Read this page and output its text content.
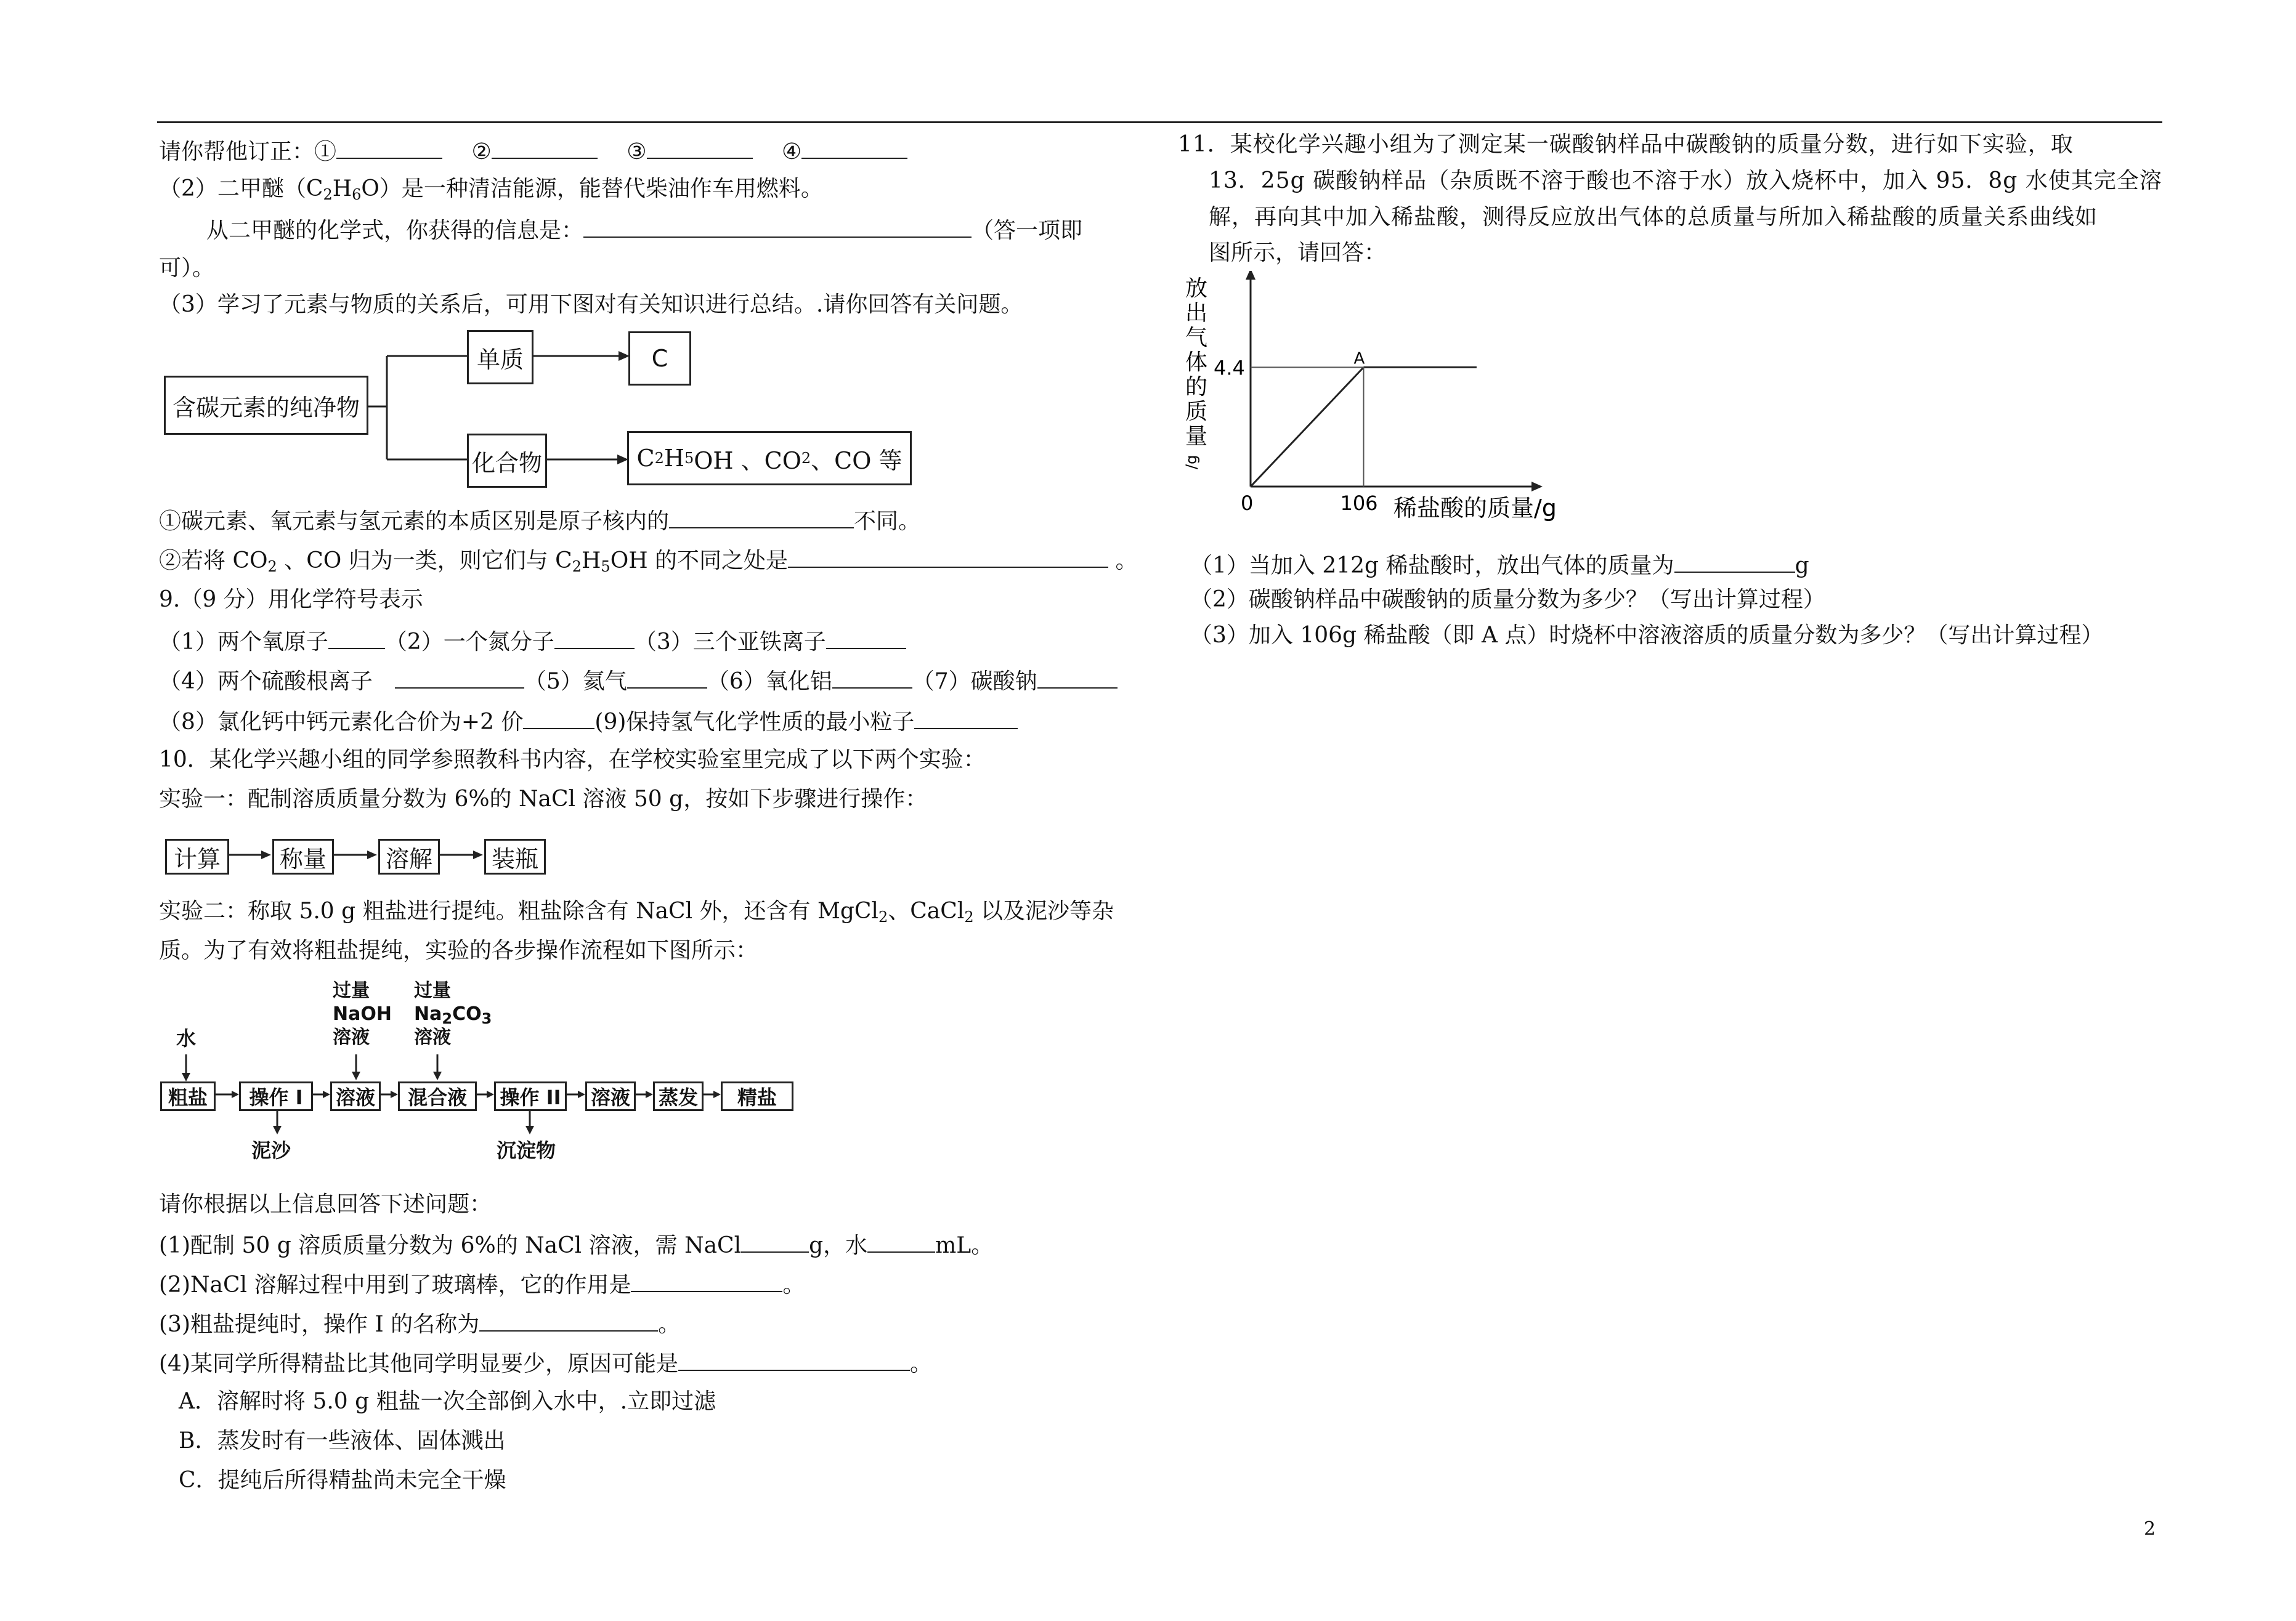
请你帮他订正：①	②	③	④
（2）二甲醚$(C_2H_6O)$是一种清洁能源，能替代柴油作车用燃料。
从二甲醚的化学式，你获得的信息是：	（答一项即
可）。
（3）学习了元素与物质的关系后，可用下图对有关知识进行总结。.请你回答有关问题。
含碳元素的纯净物
单质	C
化合物	C 2 H 5 OH 、CO 2 、CO 等
①碳元素、氧元素与氢元素的本质区别是原子核内的	不同。
②若将 $CO_2$ 、CO 归为一类，则它们与 $C_2H_5OH$ 的不同之处是	。
9.（9 分）用化学符号表示
（1）两个氧原子	（2）一个氮分子	（3）三个亚铁离子
（4）两个硫酸根离子	（5）氦气	（6）氧化铝	（7）碳酸钠
（8）氯化钙中钙元素化合价为+2 价	(9)保持氢气化学性质的最小粒子
10．某化学兴趣小组的同学参照教科书内容，在学校实验室里完成了以下两个实验：
实验一：配制溶质质量分数为 6%的 NaCl 溶液 50 g，按如下步骤进行操作：
计算	称量	溶解	装瓶
实验二：称取 5.0 g 粗盐进行提纯。粗盐除含有 NaCl 外，还含有 MgCl$_2$、CaCl$_2$ 以及泥沙等杂
质。为了有效将粗盐提纯，实验的各步操作流程如下图所示：
水
过量
NaOH
溶液
过量
$Na_2CO_3$
溶液
粗盐	操作 I	溶液	混合液	操作 II 溶液 蒸发	精盐
泥沙	沉淀物
请你根据以上信息回答下述问题：
(1)配制 50 g 溶质质量分数为 6%的 NaCl 溶液，需 NaCl	g，水	mL。
(2)NaCl 溶解过程中用到了玻璃棒，它的作用是	。
(3)粗盐提纯时，操作 I 的名称为	。
(4)某同学所得精盐比其他同学明显要少，原因可能是	。
A．溶解时将 5.0 g 粗盐一次全部倒入水中，.立即过滤
B．蒸发时有一些液体、固体溅出
C．提纯后所得精盐尚未完全干燥
11．某校化学兴趣小组为了测定某一碳酸钠样品中碳酸钠的质量分数，进行如下实验，取
13．25g 碳酸钠样品（杂质既不溶于酸也不溶于水）放入烧杯中，加入 95．8g 水使其完全溶
解，再向其中加入稀盐酸，测得反应放出气体的总质量与所加入稀盐酸的质量关系曲线如
图所示，请回答：
放
出
气
体
的
质
量
/g
A
106
4.4
0	稀盐酸的质量/g
（1）当加入 212g 稀盐酸时，放出气体的质量为	g
（2）碳酸钠样品中碳酸钠的质量分数为多少？（写出计算过程）
（3）加入 106g 稀盐酸（即 A 点）时烧杯中溶液溶质的质量分数为多少？（写出计算过程）
2
